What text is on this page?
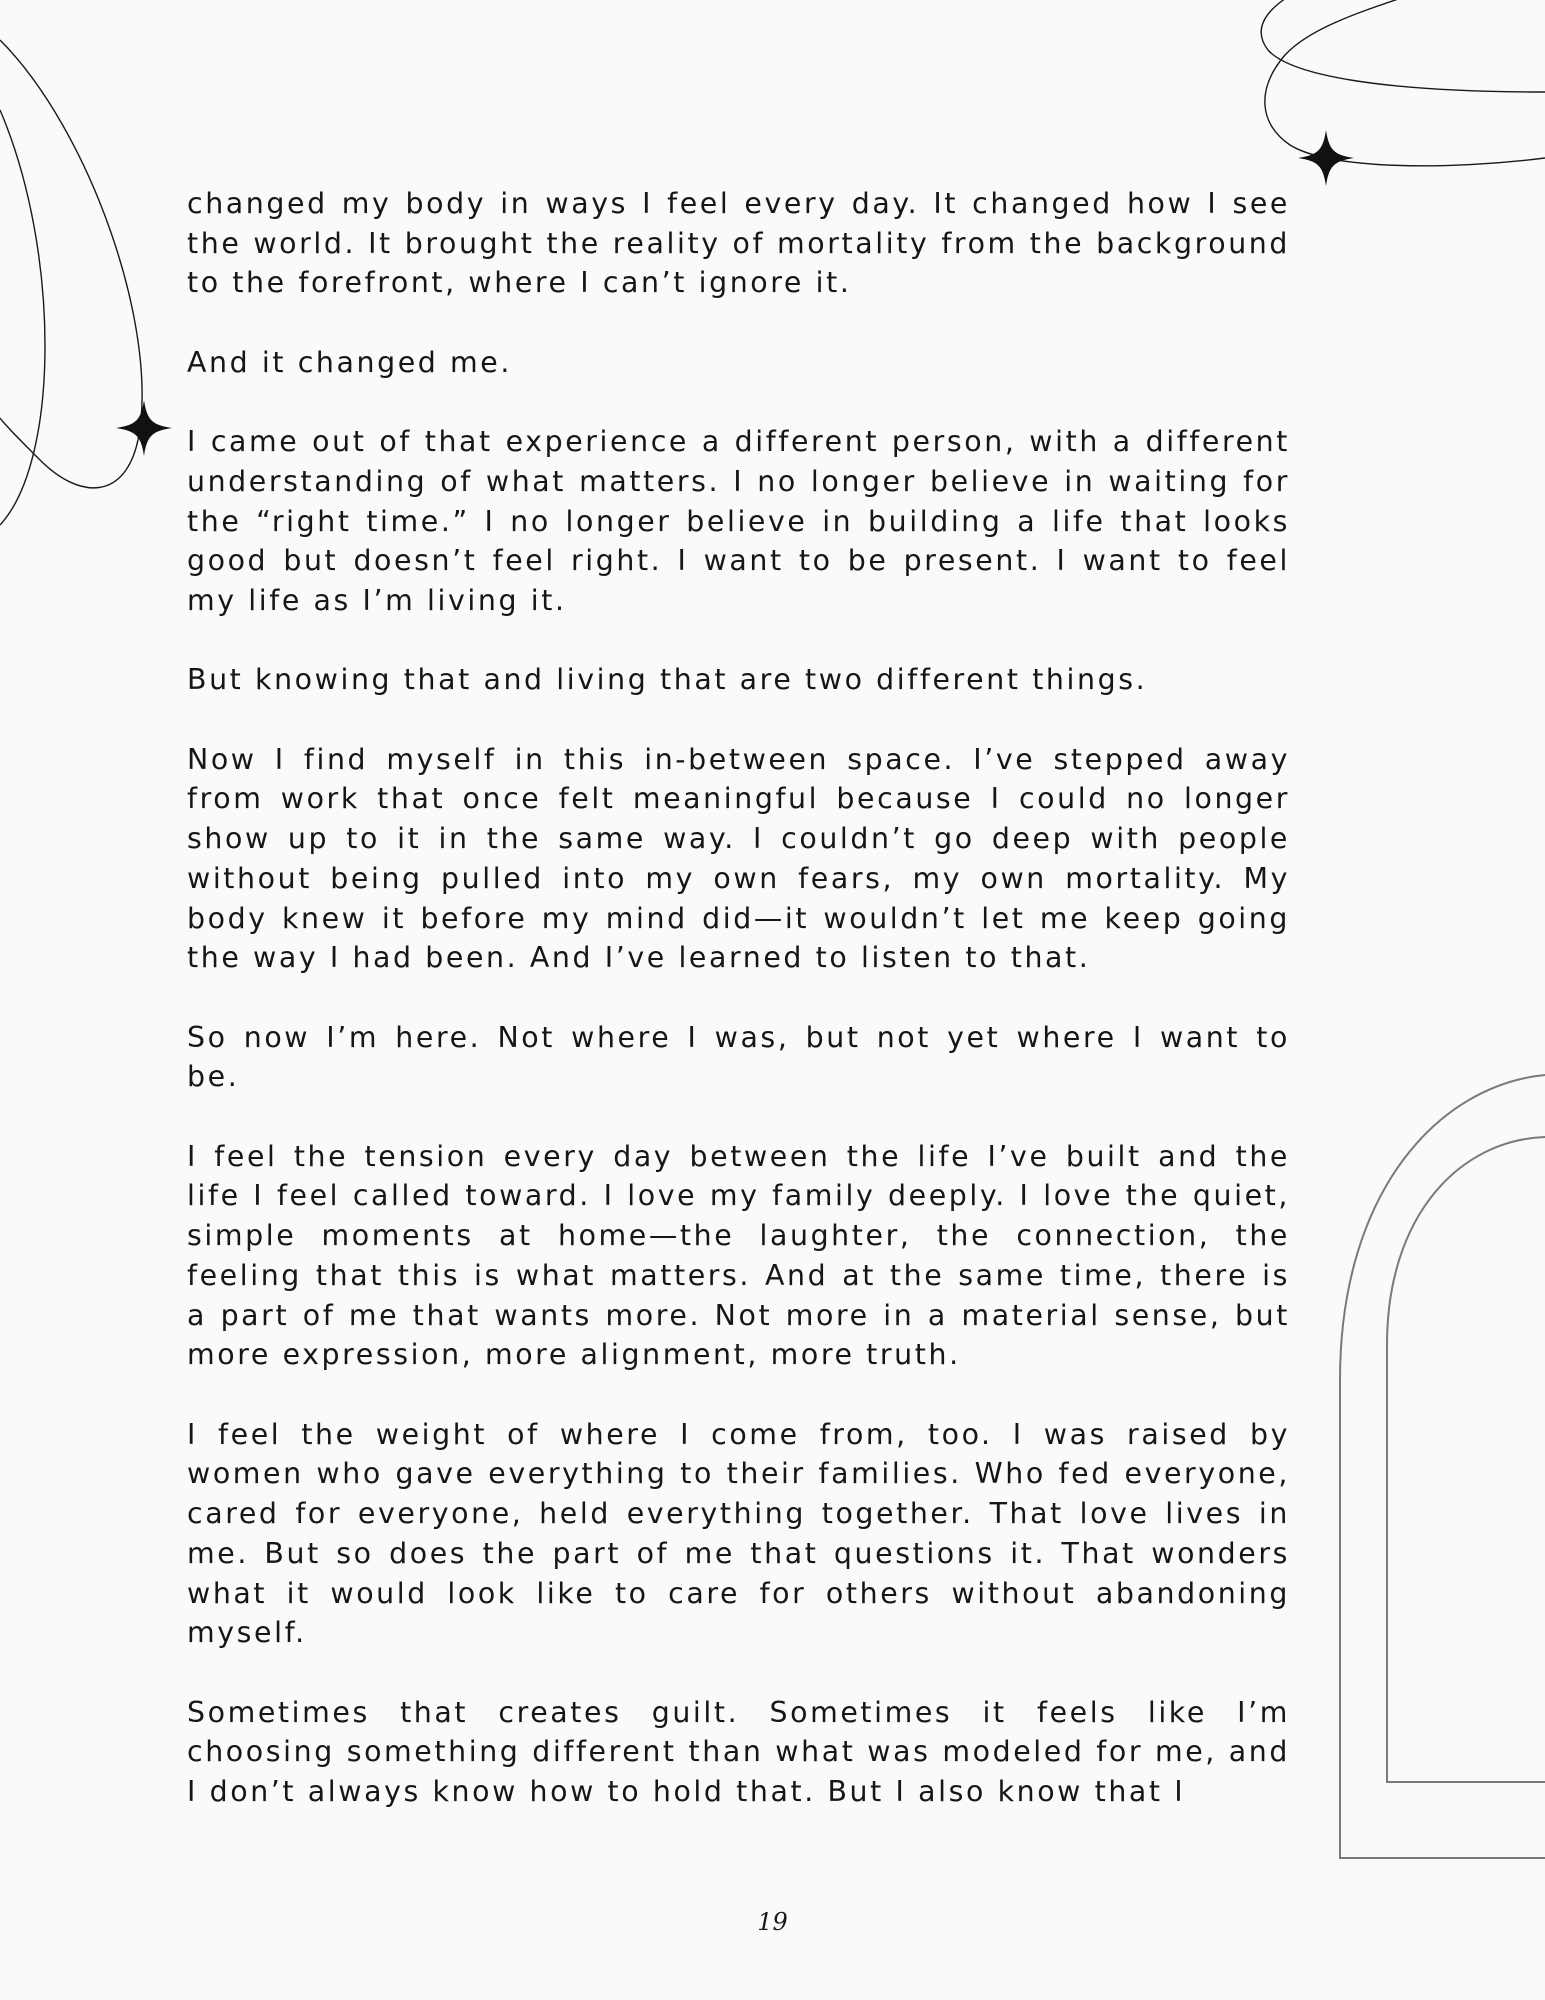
changed my body in ways I feel every day. It changed how I see the world. It brought the reality of mortality from the background to the forefront, where I can’t ignore it.

And it changed me.

I came out of that experience a different person, with a different understanding of what matters. I no longer believe in waiting for the “right time.” I no longer believe in building a life that looks good but doesn’t feel right. I want to be present. I want to feel my life as I’m living it.

But knowing that and living that are two different things.

Now I find myself in this in-between space. I’ve stepped away from work that once felt meaningful because I could no longer show up to it in the same way. I couldn’t go deep with people without being pulled into my own fears, my own mortality. My body knew it before my mind did—it wouldn’t let me keep going the way I had been. And I’ve learned to listen to that.

So now I’m here. Not where I was, but not yet where I want to be.

I feel the tension every day between the life I’ve built and the life I feel called toward. I love my family deeply. I love the quiet, simple moments at home—the laughter, the connection, the feeling that this is what matters. And at the same time, there is a part of me that wants more. Not more in a material sense, but more expression, more alignment, more truth.

I feel the weight of where I come from, too. I was raised by women who gave everything to their families. Who fed everyone, cared for everyone, held everything together. That love lives in me. But so does the part of me that questions it. That wonders what it would look like to care for others without abandoning myself.

Sometimes that creates guilt. Sometimes it feels like I’m choosing something different than what was modeled for me, and I don’t always know how to hold that. But I also know that I

19
